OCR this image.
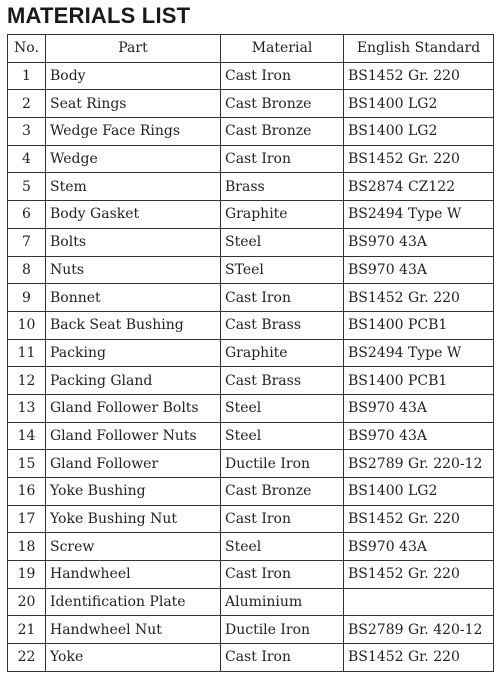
MATERIALS LIST
No.	Part	Material	English Standard
1	Body	Cast Iron	BS1452 Gr. 220
2	Seat Rings	Cast Bronze	BS1400 LG2
3	Wedge Face Rings	Cast Bronze	BS1400 LG2
4	Wedge	Cast Iron	BS1452 Gr. 220
5	Stem	Brass	BS2874 CZ122
6	Body Gasket	Graphite	BS2494 Type W
7	Bolts	Steel	BS970 43A
8	Nuts	STeel	BS970 43A
9	Bonnet	Cast Iron	BS1452 Gr. 220
10	Back Seat Bushing	Cast Brass	BS1400 PCB1
11	Packing	Graphite	BS2494 Type W
12	Packing Gland	Cast Brass	BS1400 PCB1
13	Gland Follower Bolts	Steel	BS970 43A
14	Gland Follower Nuts	Steel	BS970 43A
15	Gland Follower	Ductile Iron	BS2789 Gr. 220-12
16	Yoke Bushing	Cast Bronze	BS1400 LG2
17	Yoke Bushing Nut	Cast Iron	BS1452 Gr. 220
18	Screw	Steel	BS970 43A
19	Handwheel	Cast Iron	BS1452 Gr. 220
20	Identification Plate	Aluminium	
21	Handwheel Nut	Ductile Iron	BS2789 Gr. 420-12
22	Yoke	Cast Iron	BS1452 Gr. 220
